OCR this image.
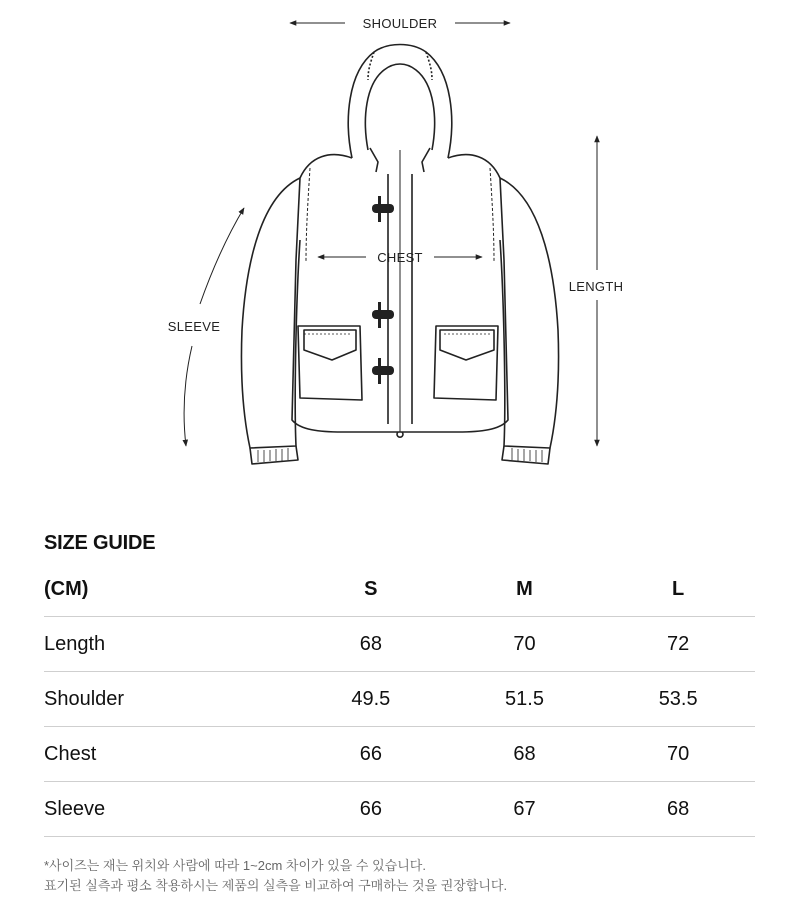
SHOULDER
CHEST
LENGTH
SLEEVE
SIZE GUIDE
(CM)	S	M	L
Length	68	70	72
Shoulder	49.5	51.5	53.5
Chest	66	68	70
Sleeve	66	67	68
*사이즈는 재는 위치와 사람에 따라 1~2cm 차이가 있을 수 있습니다.
표기된 실측과 평소 착용하시는 제품의 실측을 비교하여 구매하는 것을 권장합니다.
